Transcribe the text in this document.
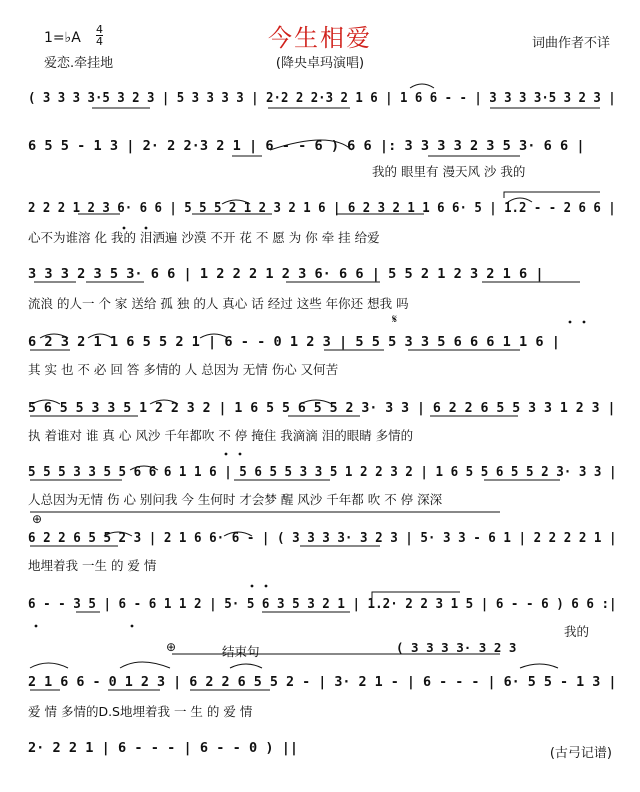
今生相爱
(降央卓玛演唱)
1=♭A
4
4
爱恋.牵挂地
词曲作者不详
( 3 3 3 3·5 3 2 3 | 5 3 3 3 3 | 2·2 2 2·3 2 1 6 | 1 6 6 - - | 3 3 3 3·5 3 2 3 |
6 5 5 - 1 3 | 2· 2 2·3 2 1 | 6 - - 6 ) 6 6 |: 3 3 3 3 2 3 5 3· 6 6 |
我的 眼里有 漫天风 沙 我的
2 2 2 1 2 3 6· 6 6 | 5 5 5 2 1 2 3 2 1 6 | 6 2 3 2 1 1 6 6· 5 | 1.2 - - 2 6 6 |
心不为谁溶 化 我的 泪洒遍 沙漠 不开 花 不 愿 为 你 牵 挂 给爱
3 3 3 2 3 5 3· 6 6 | 1 2 2 2 1 2 3 6· 6 6 | 5 5 2 1 2 3 2 1 6 |
流浪 的人一 个 家 送给 孤 独 的人 真心 话 经过 这些 年你还 想我 吗
𝄋
6 2 3 2 1 1 6 5 5 2 1 | 6 - - 0 1 2 3 | 5 5 5 3 3 5 6 6 6 1 1 6 |
其 实 也 不 必 回 答 多情的 人 总因为 无情 伤心 又何苦
5 6 5 5 3 3 5 1 2 2 3 2 | 1 6 5 5 6 5 5 2 3· 3 3 | 6 2 2 6 5 5 3 3 1 2 3 |
执 着谁对 谁 真 心 风沙 千年都吹 不 停 掩住 我滴滴 泪的眼睛 多情的
5 5 5 3 3 5 5 6 6 6 1 1 6 | 5 6 5 5 3 3 5 1 2 2 3 2 | 1 6 5 5 6 5 5 2 3· 3 3 |
人总因为无情 伤 心 别问我 今 生何时 才会梦 醒 风沙 千年都 吹 不 停 深深
⊕
6 2 2 6 5 5 2 3 | 2 1 6 6· 6 - | ( 3 3 3 3· 3 2 3 | 5· 3 3 - 6 1 | 2 2 2 2 1 |
地埋着我 一生 的 爱 情
6 - - 3 5 | 6 - 6 1 1 2 | 5· 5 6 3 5 3 2 1 | 1.2· 2 2 3 1 5 | 6 - - 6 ) 6 6 :|
我的
⊕	结束句	( 3 3 3 3· 3 2 3
2 1 6 6 - 0 1 2 3 | 6 2 2 6 5 5 2 - | 3· 2 1 - | 6 - - - | 6· 5 5 - 1 3 |
爱 情 多情的D.S地埋着我 一 生 的 爱 情
2· 2 2 1 | 6 - - - | 6 - - 0 ) ||	(古弓记谱)
